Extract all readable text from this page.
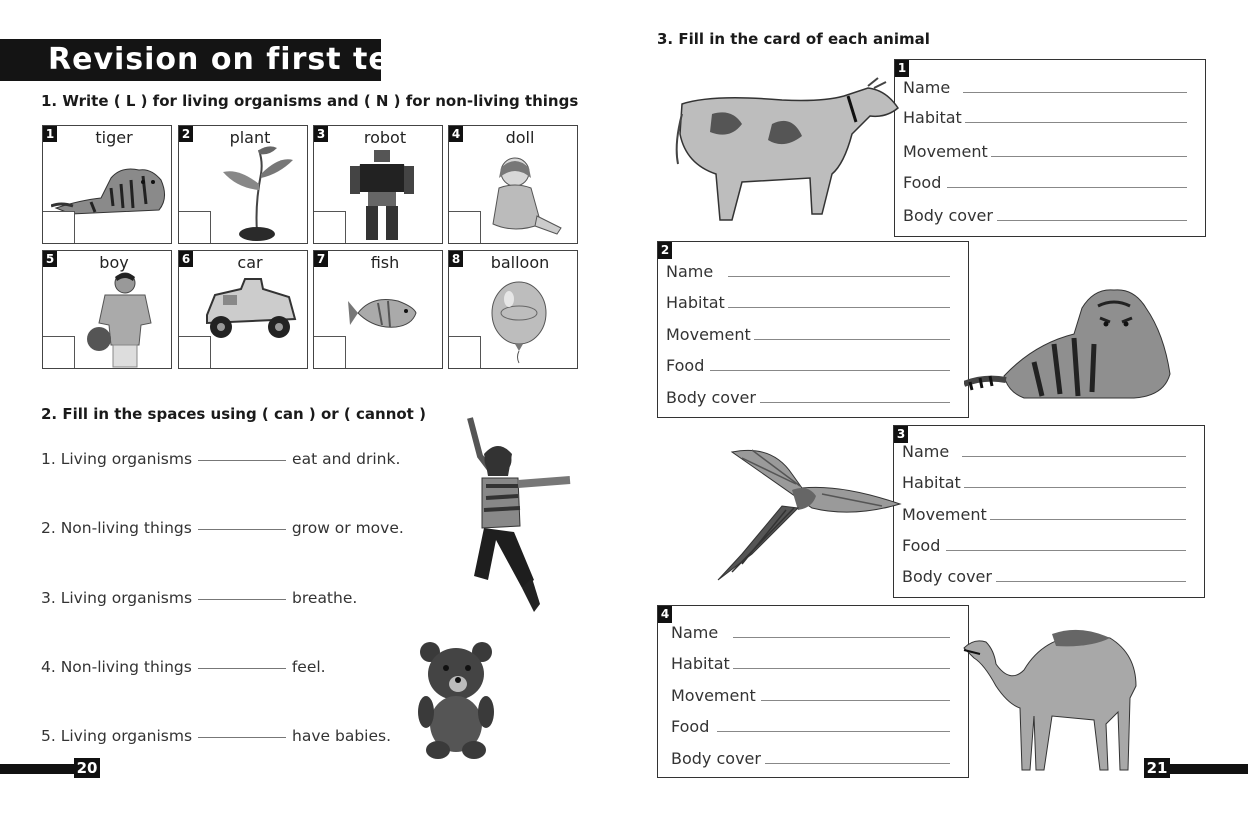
Revision on first term
1. Write ( L ) for living organisms and ( N ) for non-living things
1	tiger	2	plant	3	robot	4	doll
5	boy	6	car	7	fish	8	balloon
2. Fill in the spaces using ( can ) or ( cannot )
1. Living organisms	eat and drink.
2. Non-living things	grow or move.
3. Living organisms	breathe.
4. Non-living things	feel.
5. Living organisms	have babies.
20
3. Fill in the card of each animal
1
Name
Habitat
Movement
Food
Body cover
2
Name
Habitat
Movement
Food
Body cover
3
Name
Habitat
Movement
Food
Body cover
4
Name
Habitat
Movement
Food
Body cover	21
